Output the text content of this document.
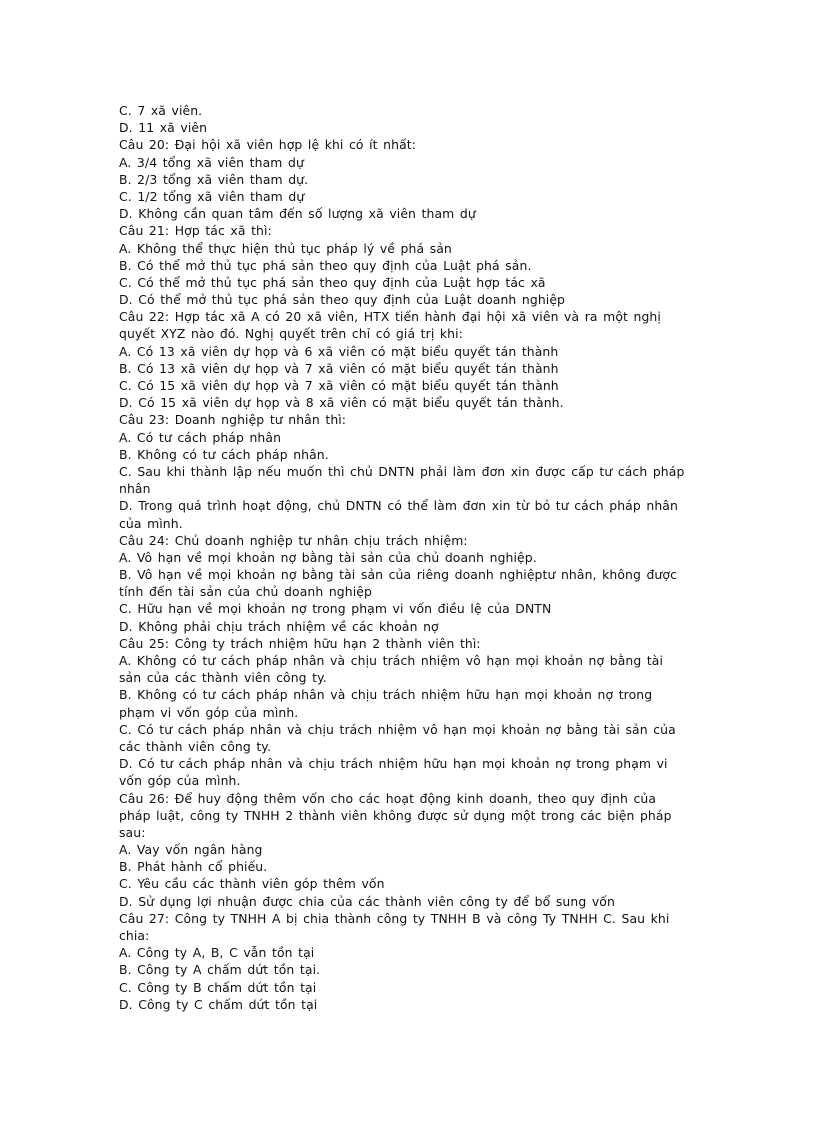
C. 7 xã viên.
D. 11 xã viên
Câu 20: Đại hội xã viên hợp lệ khi có ít nhất:
A. 3/4 tổng xã viên tham dự
B. 2/3 tổng xã viên tham dự.
C. 1/2 tổng xã viên tham dự
D. Không cần quan tâm đến số lượng xã viên tham dự
Câu 21: Hợp tác xã thì:
A. Không thể thực hiện thủ tục pháp lý về phá sản
B. Có thể mở thủ tục phá sản theo quy định của Luật phá sản.
C. Có thể mở thủ tục phá sản theo quy định của Luật hợp tác xã
D. Có thể mở thủ tục phá sản theo quy định của Luật doanh nghiệp
Câu 22: Hợp tác xã A có 20 xã viên, HTX tiến hành đại hội xã viên và ra một nghị
quyết XYZ nào đó. Nghị quyết trên chỉ có giá trị khi:
A. Có 13 xã viên dự họp và 6 xã viên có mặt biểu quyết tán thành
B. Có 13 xã viên dự họp và 7 xã viên có mặt biểu quyết tán thành
C. Có 15 xã viên dự họp và 7 xã viên có mặt biểu quyết tán thành
D. Có 15 xã viên dự họp và 8 xã viên có mặt biểu quyết tán thành.
Câu 23: Doanh nghiệp tư nhân thì:
A. Có tư cách pháp nhân
B. Không có tư cách pháp nhân.
C. Sau khi thành lập nếu muốn thì chủ DNTN phải làm đơn xin được cấp tư cách pháp
nhân
D. Trong quá trình hoạt động, chủ DNTN có thể làm đơn xin từ bỏ tư cách pháp nhân
của mình.
Câu 24: Chủ doanh nghiệp tư nhân chịu trách nhiệm:
A. Vô hạn về mọi khoản nợ bằng tài sản của chủ doanh nghiệp.
B. Vô hạn về mọi khoản nợ bằng tài sản của riêng doanh nghiệptư nhân, không được
tính đến tài sản của chủ doanh nghiệp
C. Hữu hạn về mọi khoản nợ trong phạm vi vốn điều lệ của DNTN
D. Không phải chịu trách nhiệm về các khoản nợ
Câu 25: Công ty trách nhiệm hữu hạn 2 thành viên thì:
A. Không có tư cách pháp nhân và chịu trách nhiệm vô hạn mọi khoản nợ bằng tài
sản của các thành viên công ty.
B. Không có tư cách pháp nhân và chịu trách nhiệm hữu hạn mọi khoản nợ trong
phạm vi vốn góp của mình.
C. Có tư cách pháp nhân và chịu trách nhiệm vô hạn mọi khoản nợ bằng tài sản của
các thành viên công ty.
D. Có tư cách pháp nhân và chịu trách nhiệm hữu hạn mọi khoản nợ trong phạm vi
vốn góp của mình.
Câu 26: Để huy động thêm vốn cho các hoạt động kinh doanh, theo quy định của
pháp luật, công ty TNHH 2 thành viên không được sử dụng một trong các biện pháp
sau:
A. Vay vốn ngân hàng
B. Phát hành cổ phiếu.
C. Yêu cầu các thành viên góp thêm vốn
D. Sử dụng lợi nhuận được chia của các thành viên công ty để bổ sung vốn
Câu 27: Công ty TNHH A bị chia thành công ty TNHH B và công Ty TNHH C. Sau khi
chia:
A. Công ty A, B, C vẫn tồn tại
B. Công ty A chấm dứt tồn tại.
C. Công ty B chấm dứt tồn tại
D. Công ty C chấm dứt tồn tại
